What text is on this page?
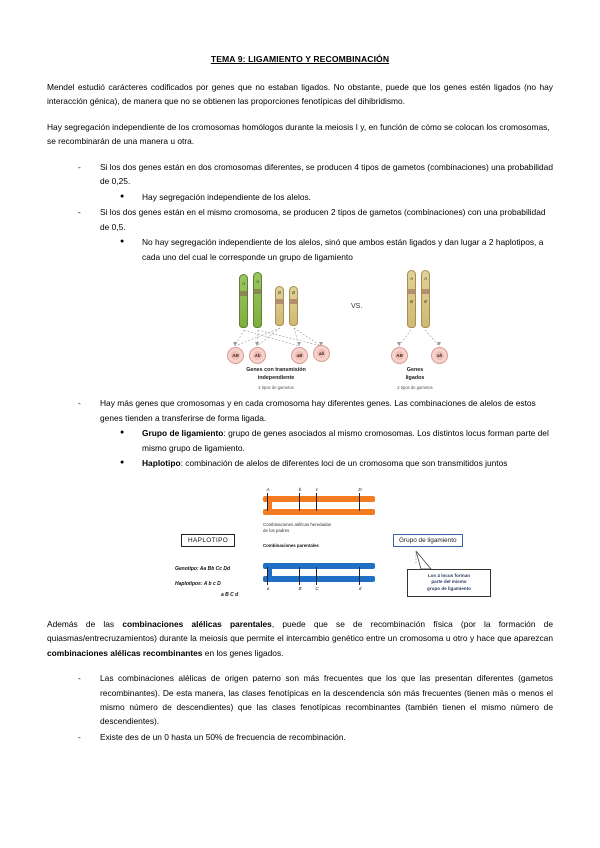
TEMA 9: LIGAMIENTO Y RECOMBINACIÓN

Mendel estudió carácteres codificados por genes que no estaban ligados. No obstante, puede que los genes estén ligados (no hay interacción génica), de manera que no se obtienen las proporciones fenotípicas del dihibridismo.

Hay segregación independiente de los cromosomas homólogos durante la meiosis I y, en función de cómo se colocan los cromosomas, se recombinarán de una manera u otra.

-	Si los dos genes están en dos cromosomas diferentes, se producen 4 tipos de gametos (combinaciones) una probabilidad de 0,25.
●	Hay segregación independiente de los alelos.
-	Si los dos genes están en el mismo cromosoma, se producen 2 tipos de gametos (combinaciones) con una probabilidad de 0,5.
●	No hay segregación independiente de los alelos, sinó que ambos están ligados y dan lugar a 2 haplotipos, a cada uno del cual le corresponde un grupo de ligamiento
A	A
B	B
AB	Ab	aB	ab
Genes con transmisión
independiente
4 tipos de gametos
VS.
A
B
A
B
AB	ab
Genes
ligados
2 tipos de gametos
-	Hay más genes que cromosomas y en cada cromosoma hay diferentes genes. Las combinaciones de alelos de estos genes tienden a transferirse de forma ligada.
●	Grupo de ligamiento: grupo de genes asociados al mismo cromosomas. Los distintos locus forman parte del mismo grupo de ligamiento.
●	Haplotipo: combinación de alelos de diferentes loci de un cromosoma que son transmitidos juntos
A	b	c	D
Combinaciones alélicas heredadas
de los padres
Combinaciones parentales
HAPLOTIPO
Genotipo: Aa Bb Cc Dd
Haplotipos: A b c D
a B C d
a	B	C	d
Grupo de ligamiento
Los 4 locus forman
parte del mismo
grupo de ligamiento

Además de las combinaciones alélicas parentales, puede que se de recombinación física (por la formación de quiasmas/entrecruzamientos) durante la meiosis que permite el intercambio genético entre un cromosoma u otro y hace que aparezcan combinaciones alélicas recombinantes en los genes ligados.

-	Las combinaciones alélicas de origen paterno son más frecuentes que los que las presentan diferentes (gametos recombinantes). De esta manera, las clases fenotípicas en la descendencia són más frecuentes (tienen más o menos el mismo número de descendientes) que las clases fenotípicas recombinantes (también tienen el mismo número de descendientes).
-	Existe des de un 0 hasta un 50% de frecuencia de recombinación.
